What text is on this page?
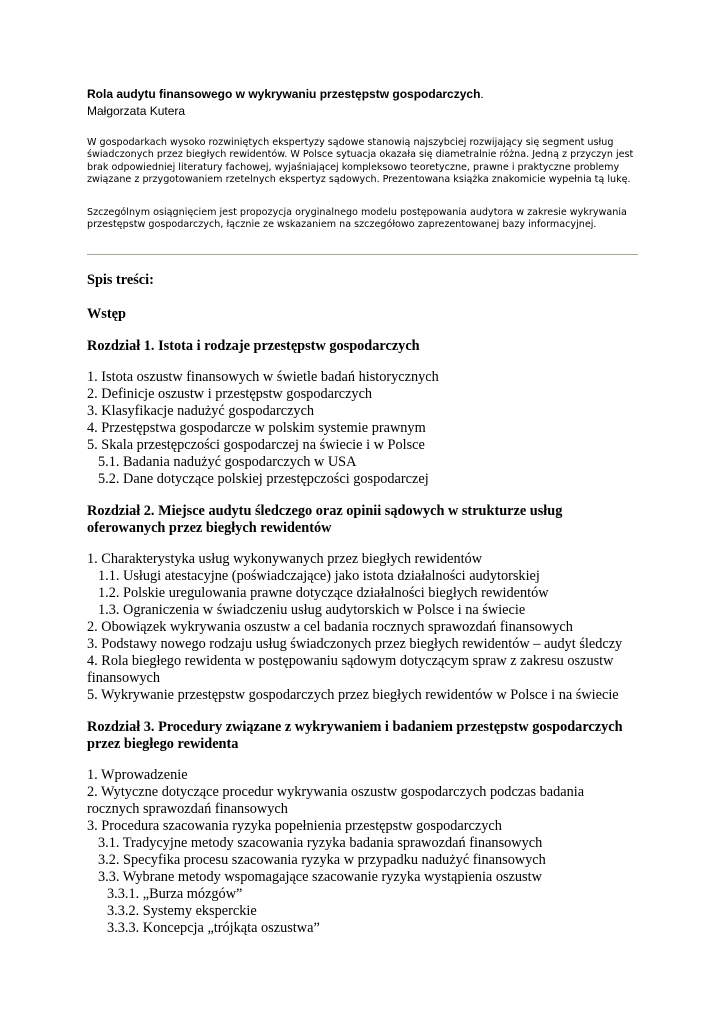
Rola audytu finansowego w wykrywaniu przestępstw gospodarczych.
Małgorzata Kutera
W gospodarkach wysoko rozwiniętych ekspertyzy sądowe stanowią najszybciej rozwijający się segment usług świadczonych przez biegłych rewidentów. W Polsce sytuacja okazała się diametralnie różna. Jedną z przyczyn jest brak odpowiedniej literatury fachowej, wyjaśniającej kompleksowo teoretyczne, prawne i praktyczne problemy związane z przygotowaniem rzetelnych ekspertyz sądowych. Prezentowana książka znakomicie wypełnia tą lukę.
Szczególnym osiągnięciem jest propozycja oryginalnego modelu postępowania audytora w zakresie wykrywania przestępstw gospodarczych, łącznie ze wskazaniem na szczegółowo zaprezentowanej bazy informacyjnej.

Spis treści:

Wstęp

Rozdział 1. Istota i rodzaje przestępstw gospodarczych

1. Istota oszustw finansowych w świetle badań historycznych

2. Definicje oszustw i przestępstw gospodarczych

3. Klasyfikacje nadużyć gospodarczych

4. Przestępstwa gospodarcze w polskim systemie prawnym

5. Skala przestępczości gospodarczej na świecie i w Polsce

5.1. Badania nadużyć gospodarczych w USA

5.2. Dane dotyczące polskiej przestępczości gospodarczej

Rozdział 2. Miejsce audytu śledczego oraz opinii sądowych w strukturze usług oferowanych przez biegłych rewidentów

1. Charakterystyka usług wykonywanych przez biegłych rewidentów

1.1. Usługi atestacyjne (poświadczające) jako istota działalności audytorskiej

1.2. Polskie uregulowania prawne dotyczące działalności biegłych rewidentów

1.3. Ograniczenia w świadczeniu usług audytorskich w Polsce i na świecie

2. Obowiązek wykrywania oszustw a cel badania rocznych sprawozdań finansowych

3. Podstawy nowego rodzaju usług świadczonych przez biegłych rewidentów – audyt śledczy

4. Rola biegłego rewidenta w postępowaniu sądowym dotyczącym spraw z zakresu oszustw finansowych

5. Wykrywanie przestępstw gospodarczych przez biegłych rewidentów w Polsce i na świecie

Rozdział 3. Procedury związane z wykrywaniem i badaniem przestępstw gospodarczych przez biegłego rewidenta

1. Wprowadzenie

2. Wytyczne dotyczące procedur wykrywania oszustw gospodarczych podczas badania rocznych sprawozdań finansowych

3. Procedura szacowania ryzyka popełnienia przestępstw gospodarczych

3.1. Tradycyjne metody szacowania ryzyka badania sprawozdań finansowych

3.2. Specyfika procesu szacowania ryzyka w przypadku nadużyć finansowych

3.3. Wybrane metody wspomagające szacowanie ryzyka wystąpienia oszustw

3.3.1. „Burza mózgów”

3.3.2. Systemy eksperckie

3.3.3. Koncepcja „trójkąta oszustwa”
